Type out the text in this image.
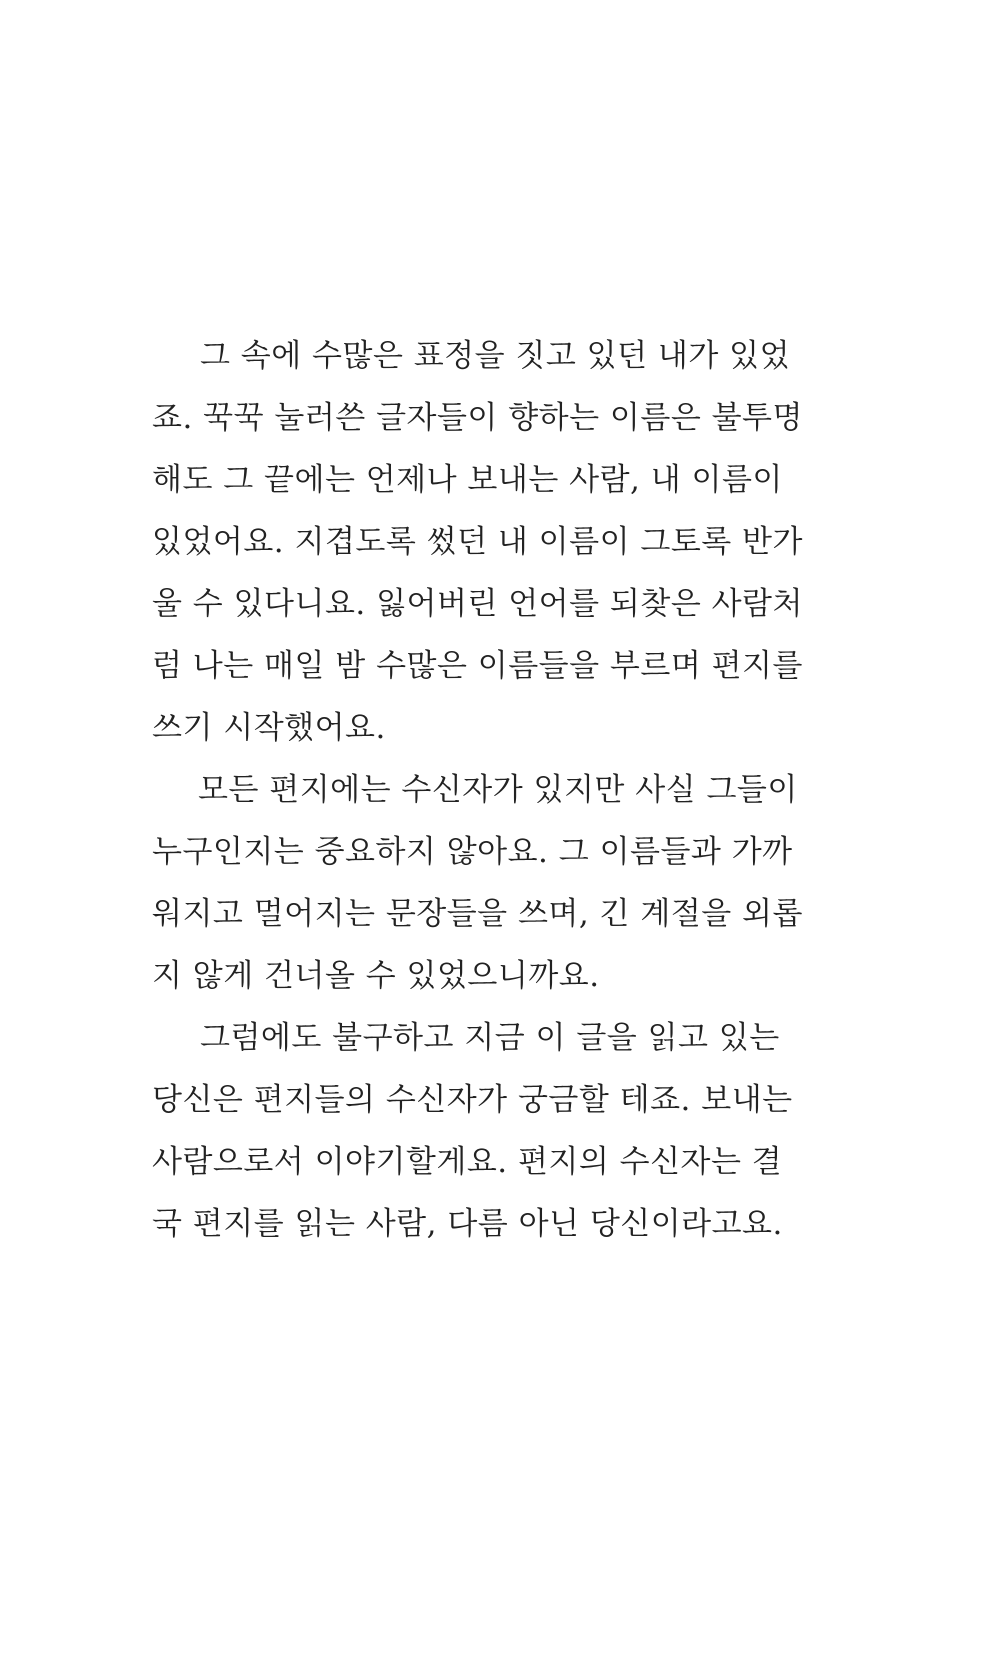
그 속에 수많은 표정을 짓고 있던 내가 있었
죠. 꾹꾹 눌러쓴 글자들이 향하는 이름은 불투명
해도 그 끝에는 언제나 보내는 사람, 내 이름이
있었어요. 지겹도록 썼던 내 이름이 그토록 반가
울 수 있다니요. 잃어버린 언어를 되찾은 사람처
럼 나는 매일 밤 수많은 이름들을 부르며 편지를
쓰기 시작했어요.
모든 편지에는 수신자가 있지만 사실 그들이
누구인지는 중요하지 않아요. 그 이름들과 가까
워지고 멀어지는 문장들을 쓰며, 긴 계절을 외롭
지 않게 건너올 수 있었으니까요.
그럼에도 불구하고 지금 이 글을 읽고 있는
당신은 편지들의 수신자가 궁금할 테죠. 보내는
사람으로서 이야기할게요. 편지의 수신자는 결
국 편지를 읽는 사람, 다름 아닌 당신이라고요.
